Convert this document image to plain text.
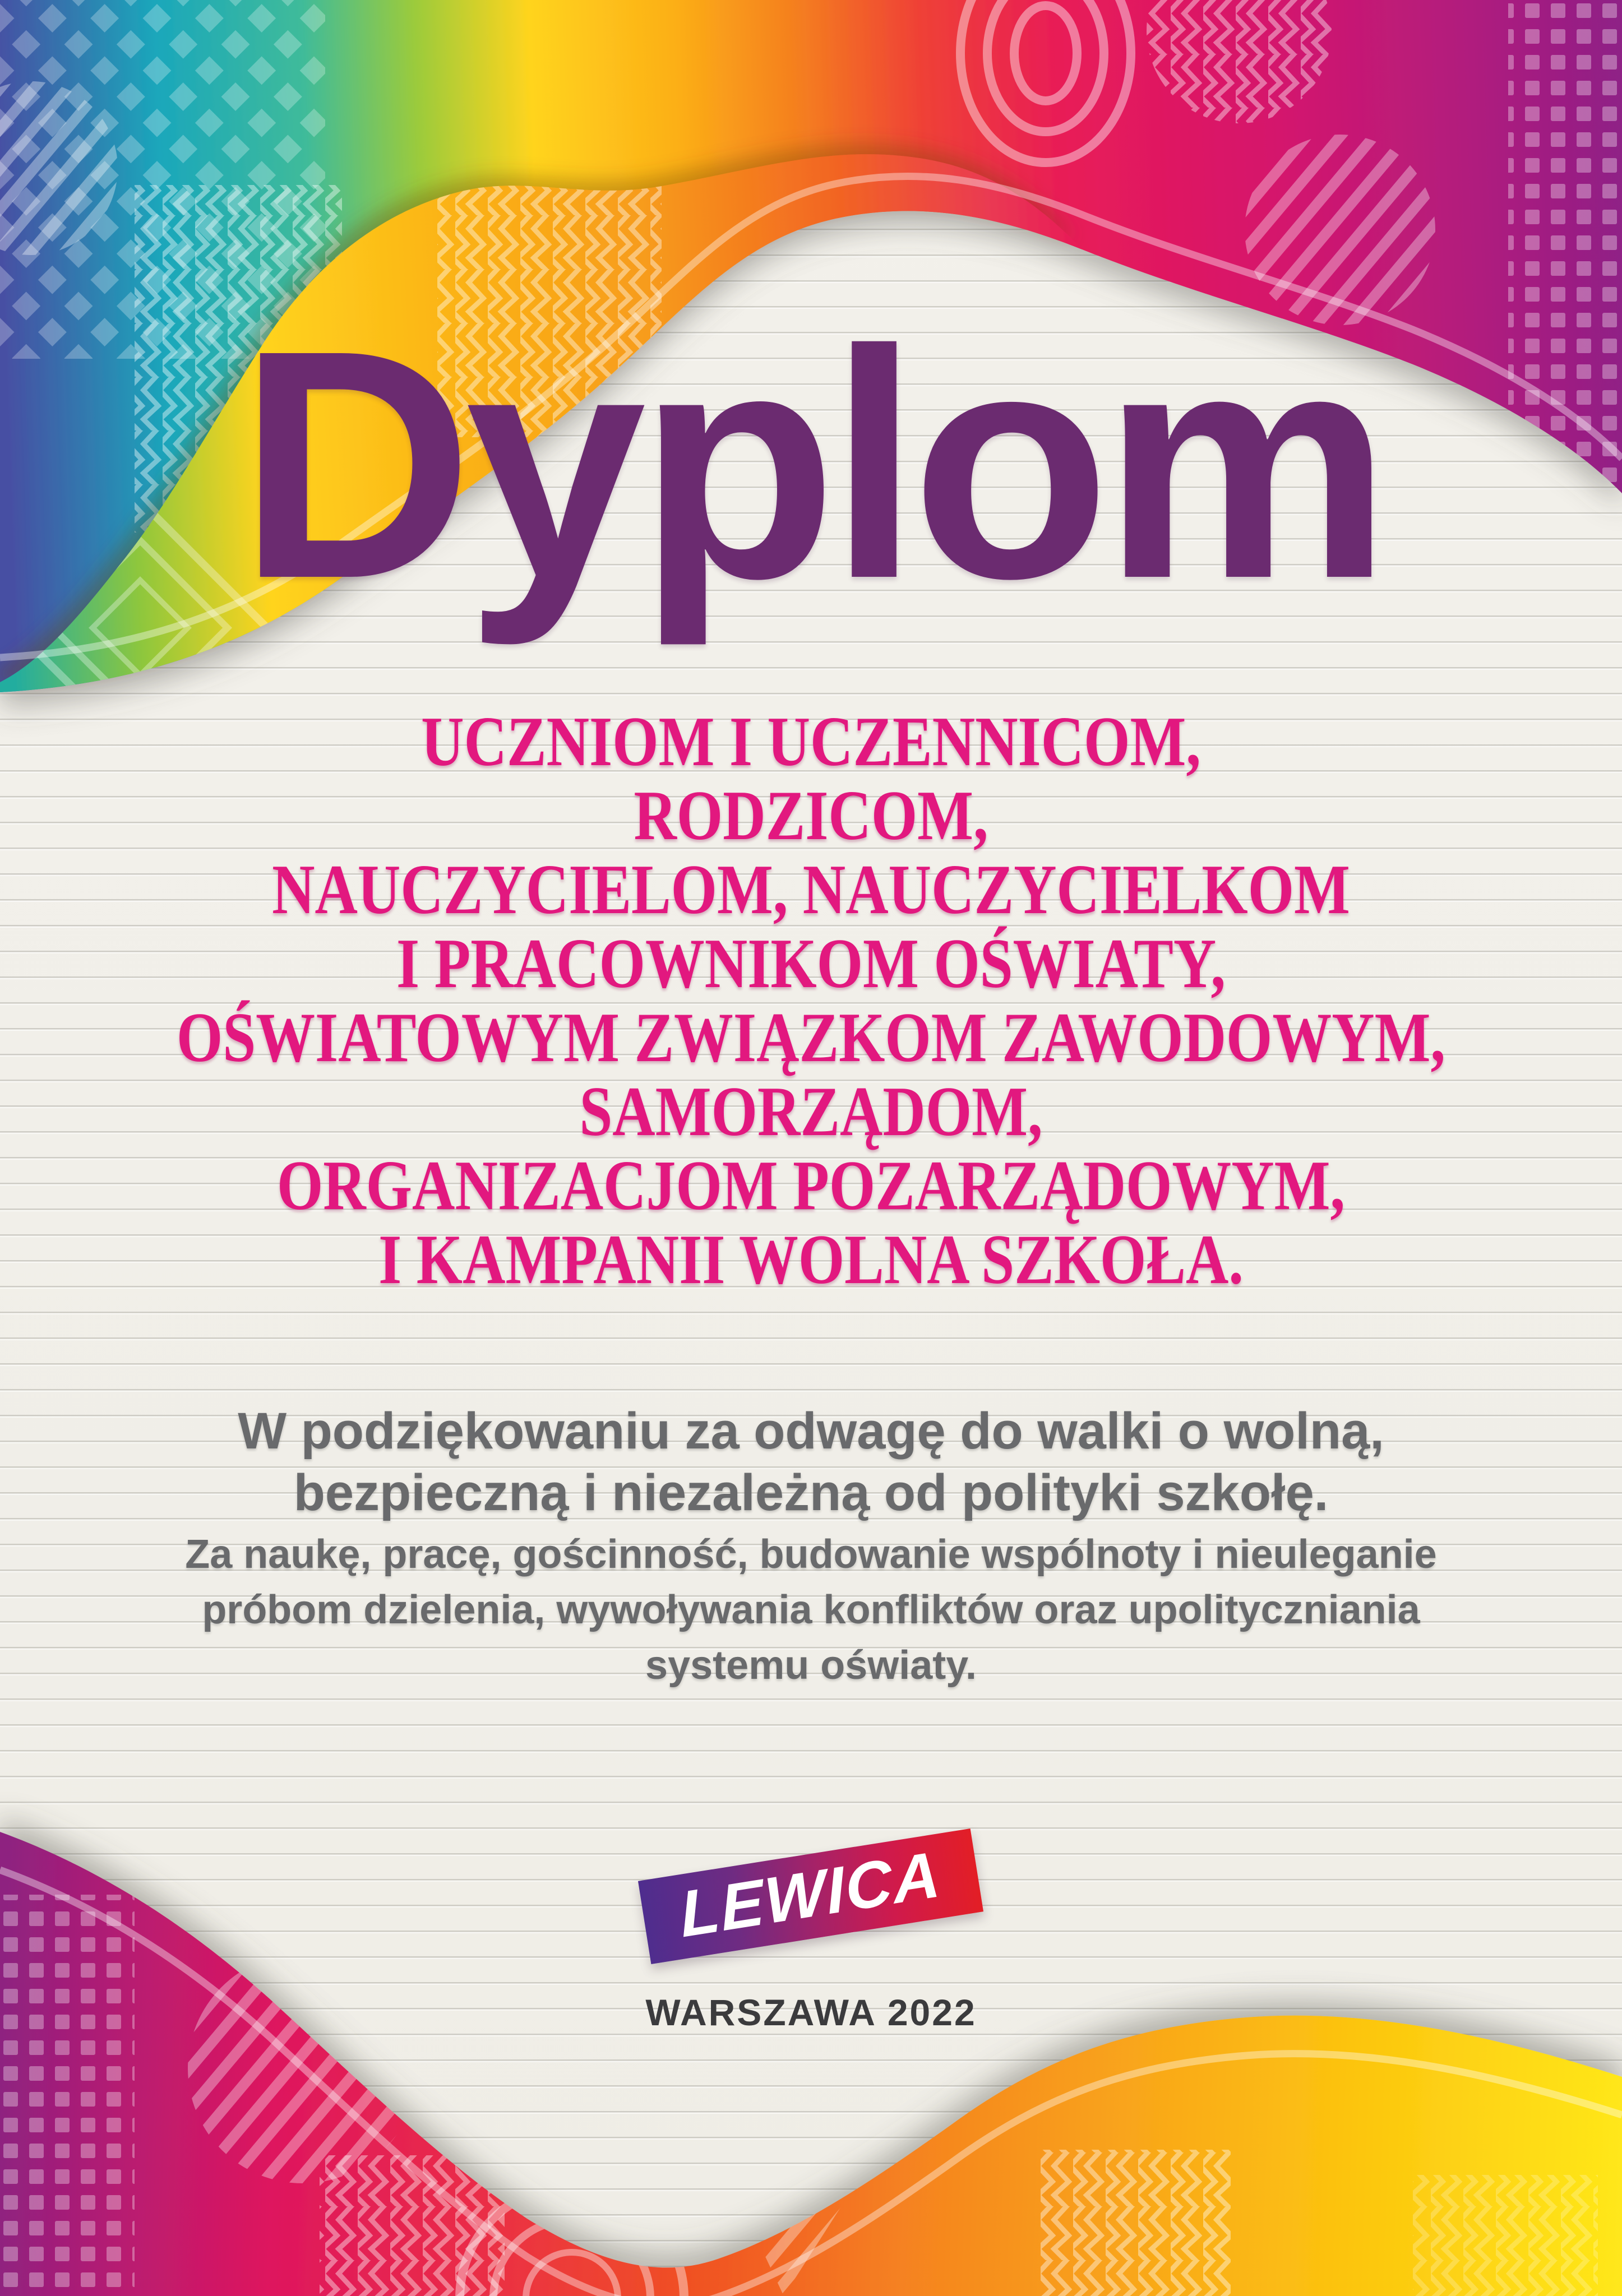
Dyplom
UCZNIOM I UCZENNICOM,
RODZICOM,
NAUCZYCIELOM, NAUCZYCIELKOM
I PRACOWNIKOM OŚWIATY,
OŚWIATOWYM ZWIĄZKOM ZAWODOWYM,
SAMORZĄDOM,
ORGANIZACJOM POZARZĄDOWYM,
I KAMPANII WOLNA SZKOŁA.
W podziękowaniu za odwagę do walki o wolną,
bezpieczną i niezależną od polityki szkołę.
Za naukę, pracę, gościnność, budowanie wspólnoty i nieuleganie
próbom dzielenia, wywoływania konfliktów oraz upolityczniania
systemu oświaty.
LEWICA
WARSZAWA 2022
